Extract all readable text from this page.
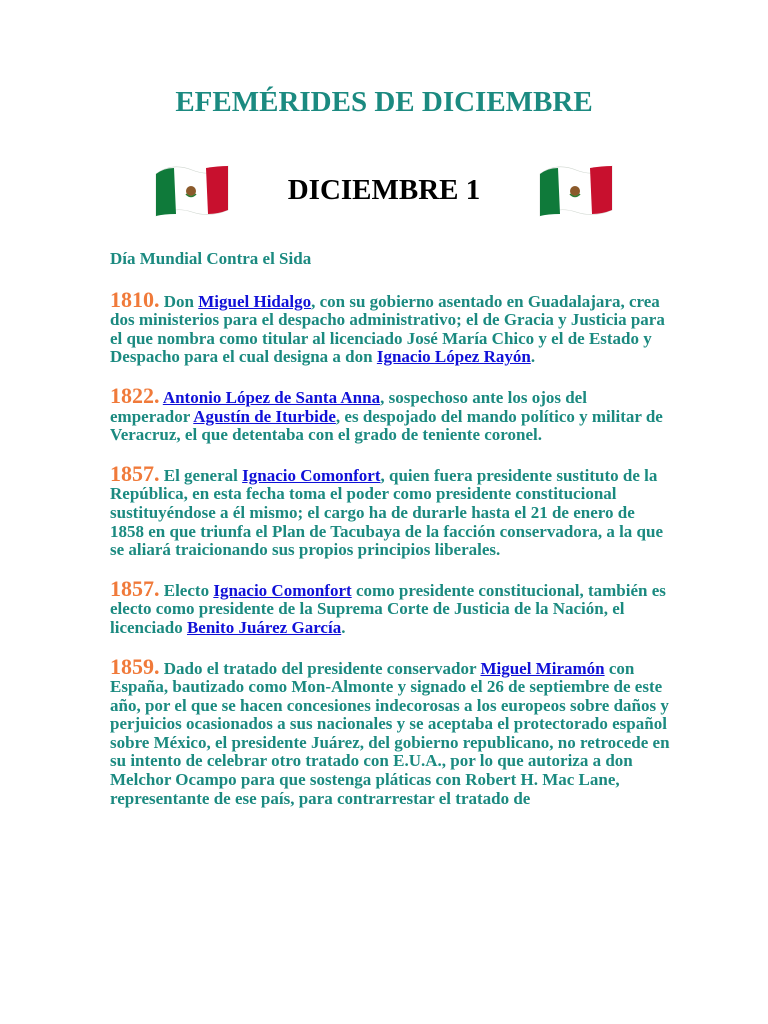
EFEMÉRIDES DE DICIEMBRE
DICIEMBRE 1

Día Mundial Contra el Sida

1810. Don Miguel Hidalgo, con su gobierno asentado en Guadalajara, crea dos ministerios para el despacho administrativo; el de Gracia y Justicia para el que nombra como titular al licenciado José María Chico y el de Estado y Despacho para el cual designa a don Ignacio López Rayón.

1822. Antonio López de Santa Anna, sospechoso ante los ojos del emperador Agustín de Iturbide, es despojado del mando político y militar de Veracruz, el que detentaba con el grado de teniente coronel.

1857. El general Ignacio Comonfort, quien fuera presidente sustituto de la República, en esta fecha toma el poder como presidente constitucional sustituyéndose a él mismo; el cargo ha de durarle hasta el 21 de enero de 1858 en que triunfa el Plan de Tacubaya de la facción conservadora, a la que se aliará traicionando sus propios principios liberales.

1857. Electo Ignacio Comonfort como presidente constitucional, también es electo como presidente de la Suprema Corte de Justicia de la Nación, el licenciado Benito Juárez García.

1859. Dado el tratado del presidente conservador Miguel Miramón con España, bautizado como Mon-Almonte y signado el 26 de septiembre de este año, por el que se hacen concesiones indecorosas a los europeos sobre daños y perjuicios ocasionados a sus nacionales y se aceptaba el protectorado español sobre México, el presidente Juárez, del gobierno republicano, no retrocede en su intento de celebrar otro tratado con E.U.A., por lo que autoriza a don Melchor Ocampo para que sostenga pláticas con Robert H. Mac Lane, representante de ese país, para contrarrestar el tratado de
